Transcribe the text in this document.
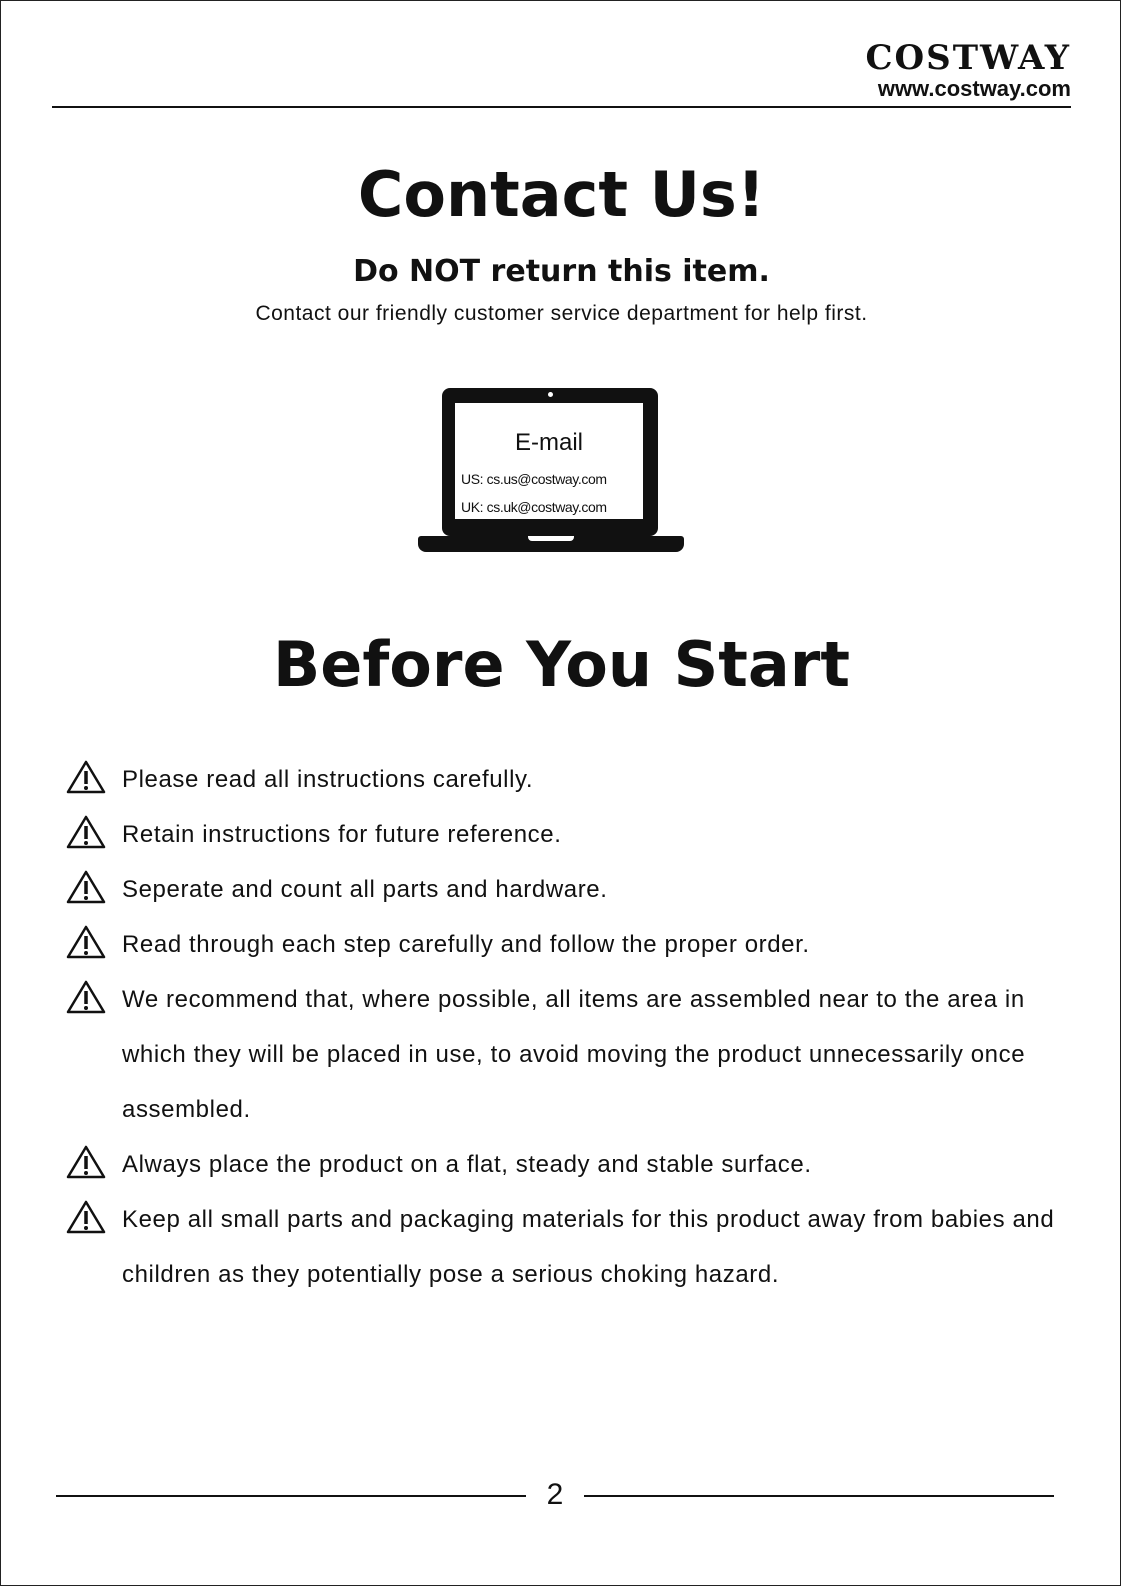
COSTWAY
www.costway.com
Contact Us!
Do NOT return this item.
Contact our friendly customer service department for help first.
E-mail
US: cs.us@costway.com
UK: cs.uk@costway.com
Before You Start
Please read all instructions carefully.
Retain instructions for future reference.
Seperate and count all parts and hardware.
Read through each step carefully and follow the proper order.
We recommend that, where possible, all items are assembled near to the area in which they will be placed in use, to avoid moving the product unnecessarily once assembled.
Always place the product on a flat, steady and stable surface.
Keep all small parts and packaging materials for this product away from babies and children as they potentially pose a serious choking hazard.
2
